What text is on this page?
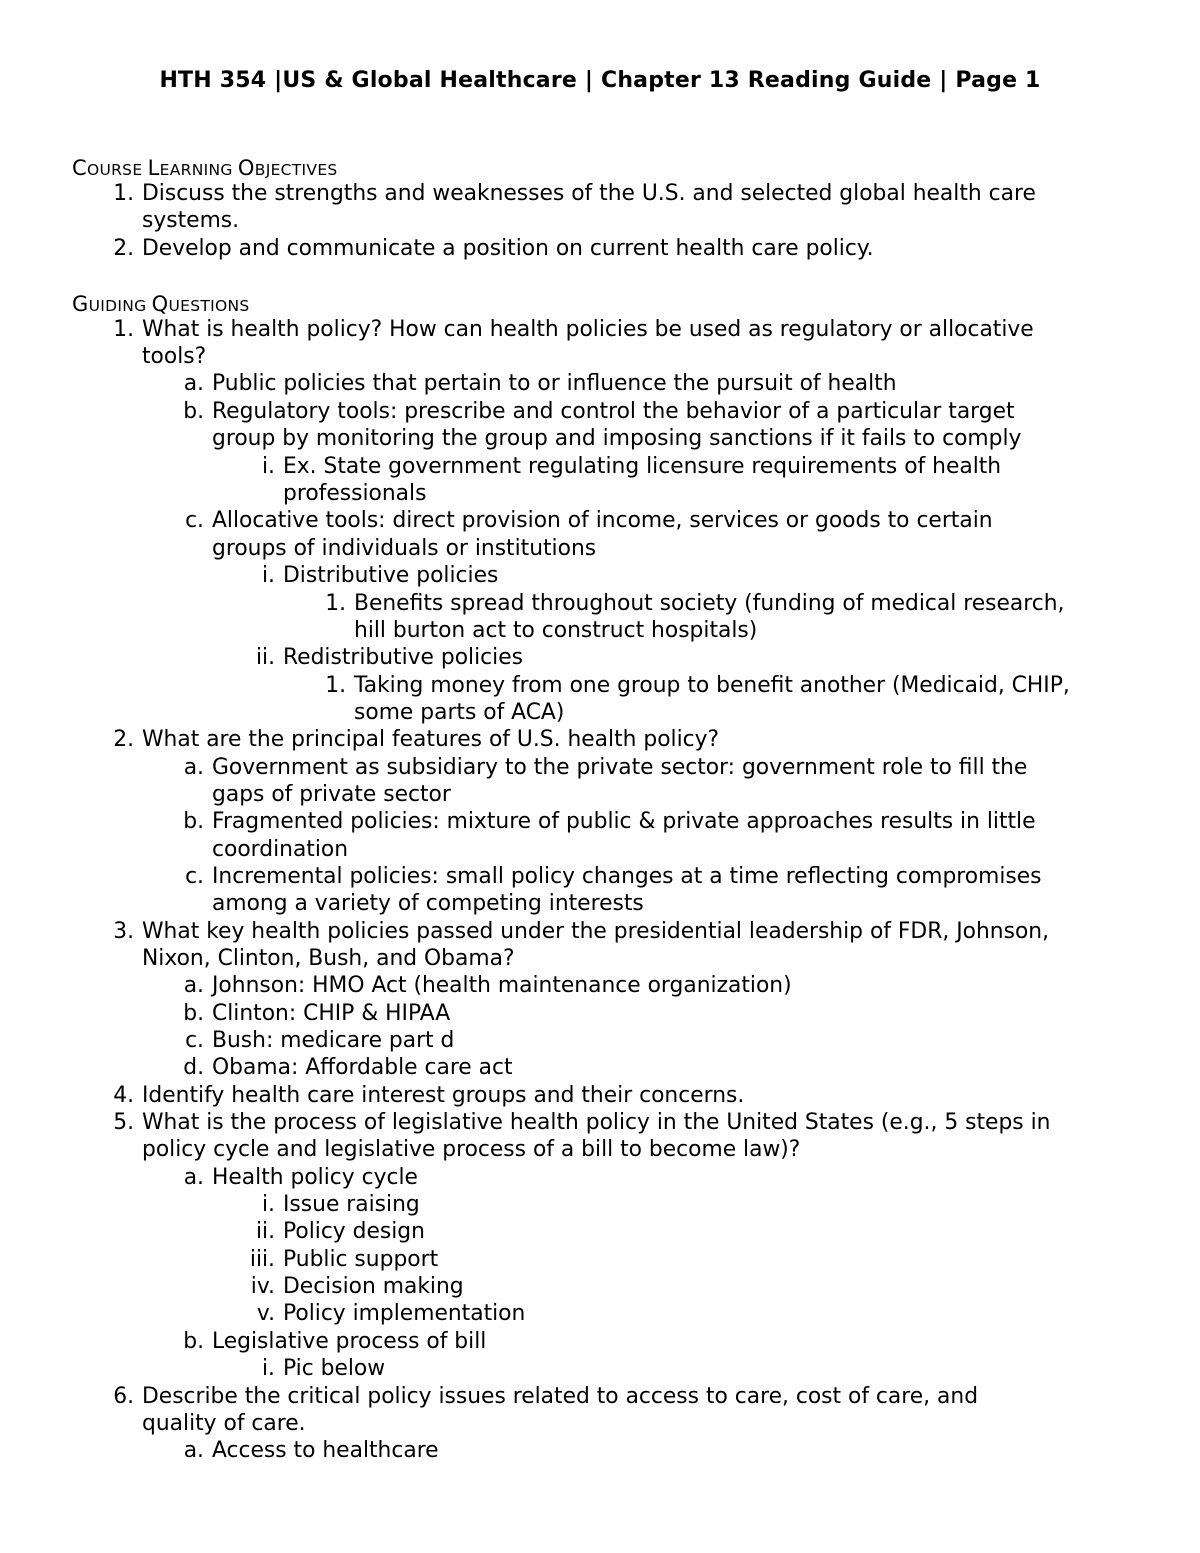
HTH 354 |US & Global Healthcare | Chapter 13 Reading Guide | Page 1
COURSE LEARNING OBJECTIVES
GUIDING QUESTIONS
1. Discuss the strengths and weaknesses of the U.S. and selected global health care
systems.
2. Develop and communicate a position on current health care policy.
1. What is health policy? How can health policies be used as regulatory or allocative
tools?
a. Public policies that pertain to or influence the pursuit of health
b. Regulatory tools: prescribe and control the behavior of a particular target
group by monitoring the group and imposing sanctions if it fails to comply
i. Ex. State government regulating licensure requirements of health
professionals
c. Allocative tools: direct provision of income, services or goods to certain
groups of individuals or institutions
i. Distributive policies
1. Benefits spread throughout society (funding of medical research,
hill burton act to construct hospitals)
ii. Redistributive policies
1. Taking money from one group to benefit another (Medicaid, CHIP,
some parts of ACA)
2. What are the principal features of U.S. health policy?
a. Government as subsidiary to the private sector: government role to fill the
gaps of private sector
b. Fragmented policies: mixture of public & private approaches results in little
coordination
c. Incremental policies: small policy changes at a time reflecting compromises
among a variety of competing interests
3. What key health policies passed under the presidential leadership of FDR, Johnson,
Nixon, Clinton, Bush, and Obama?
a. Johnson: HMO Act (health maintenance organization)
b. Clinton: CHIP & HIPAA
c. Bush: medicare part d
d. Obama: Affordable care act
4. Identify health care interest groups and their concerns.
5. What is the process of legislative health policy in the United States (e.g., 5 steps in
policy cycle and legislative process of a bill to become law)?
a. Health policy cycle
i. Issue raising
ii. Policy design
iii. Public support
iv. Decision making
v. Policy implementation
b. Legislative process of bill
i. Pic below
6. Describe the critical policy issues related to access to care, cost of care, and
quality of care.
a. Access to healthcare
